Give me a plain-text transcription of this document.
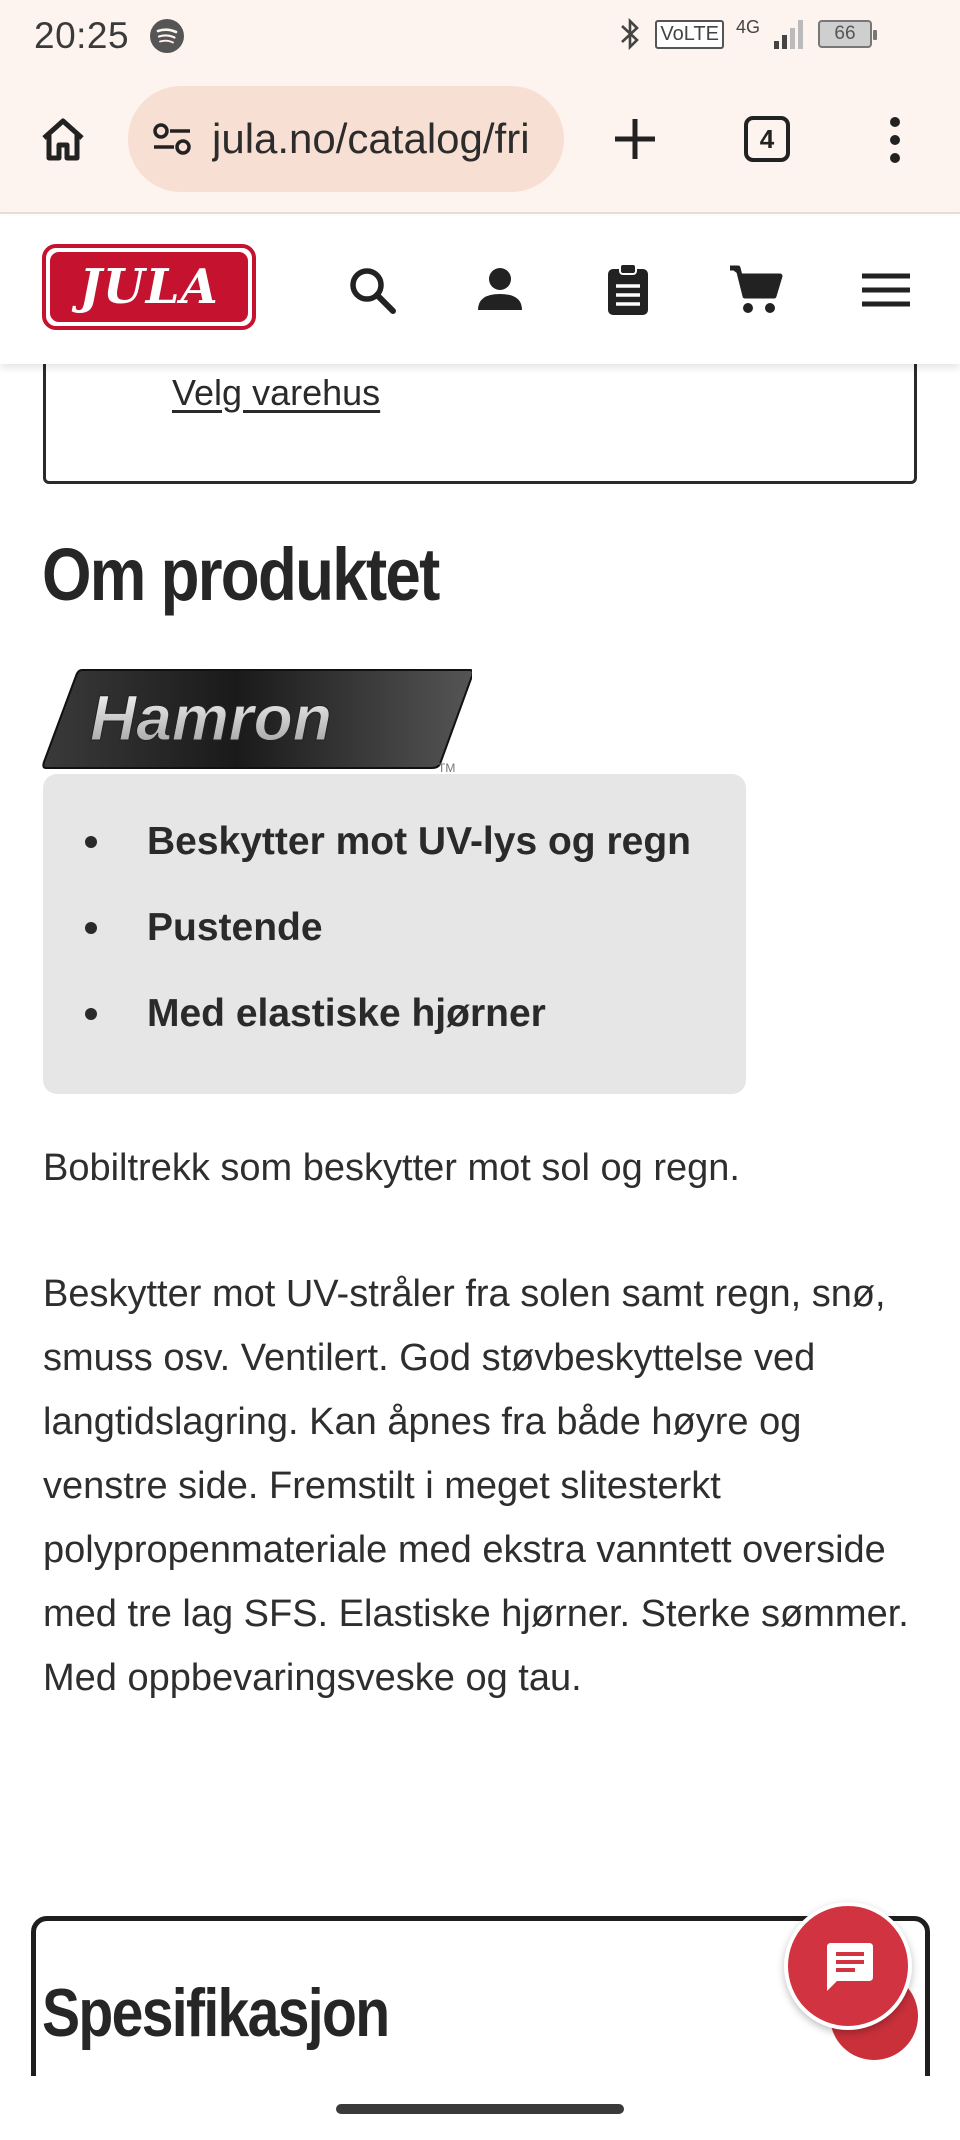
20:25	VoLTE 4G	66
jula.no/catalog/fri	4
Velg varehus
JULA
Om produktet
Hamron
TM
Beskytter mot UV-lys og regn
Pustende
Med elastiske hjørner

Bobiltrekk som beskytter mot sol og regn.

Beskytter mot UV-stråler fra solen samt regn, snø, smuss osv. Ventilert. God støvbeskyttelse ved langtidslagring. Kan åpnes fra både høyre og venstre side. Fremstilt i meget slitesterkt polypropenmateriale med ekstra vanntett overside med tre lag SFS. Elastiske hjørner. Sterke sømmer. Med oppbevaringsveske og tau.

Spesifikasjon
